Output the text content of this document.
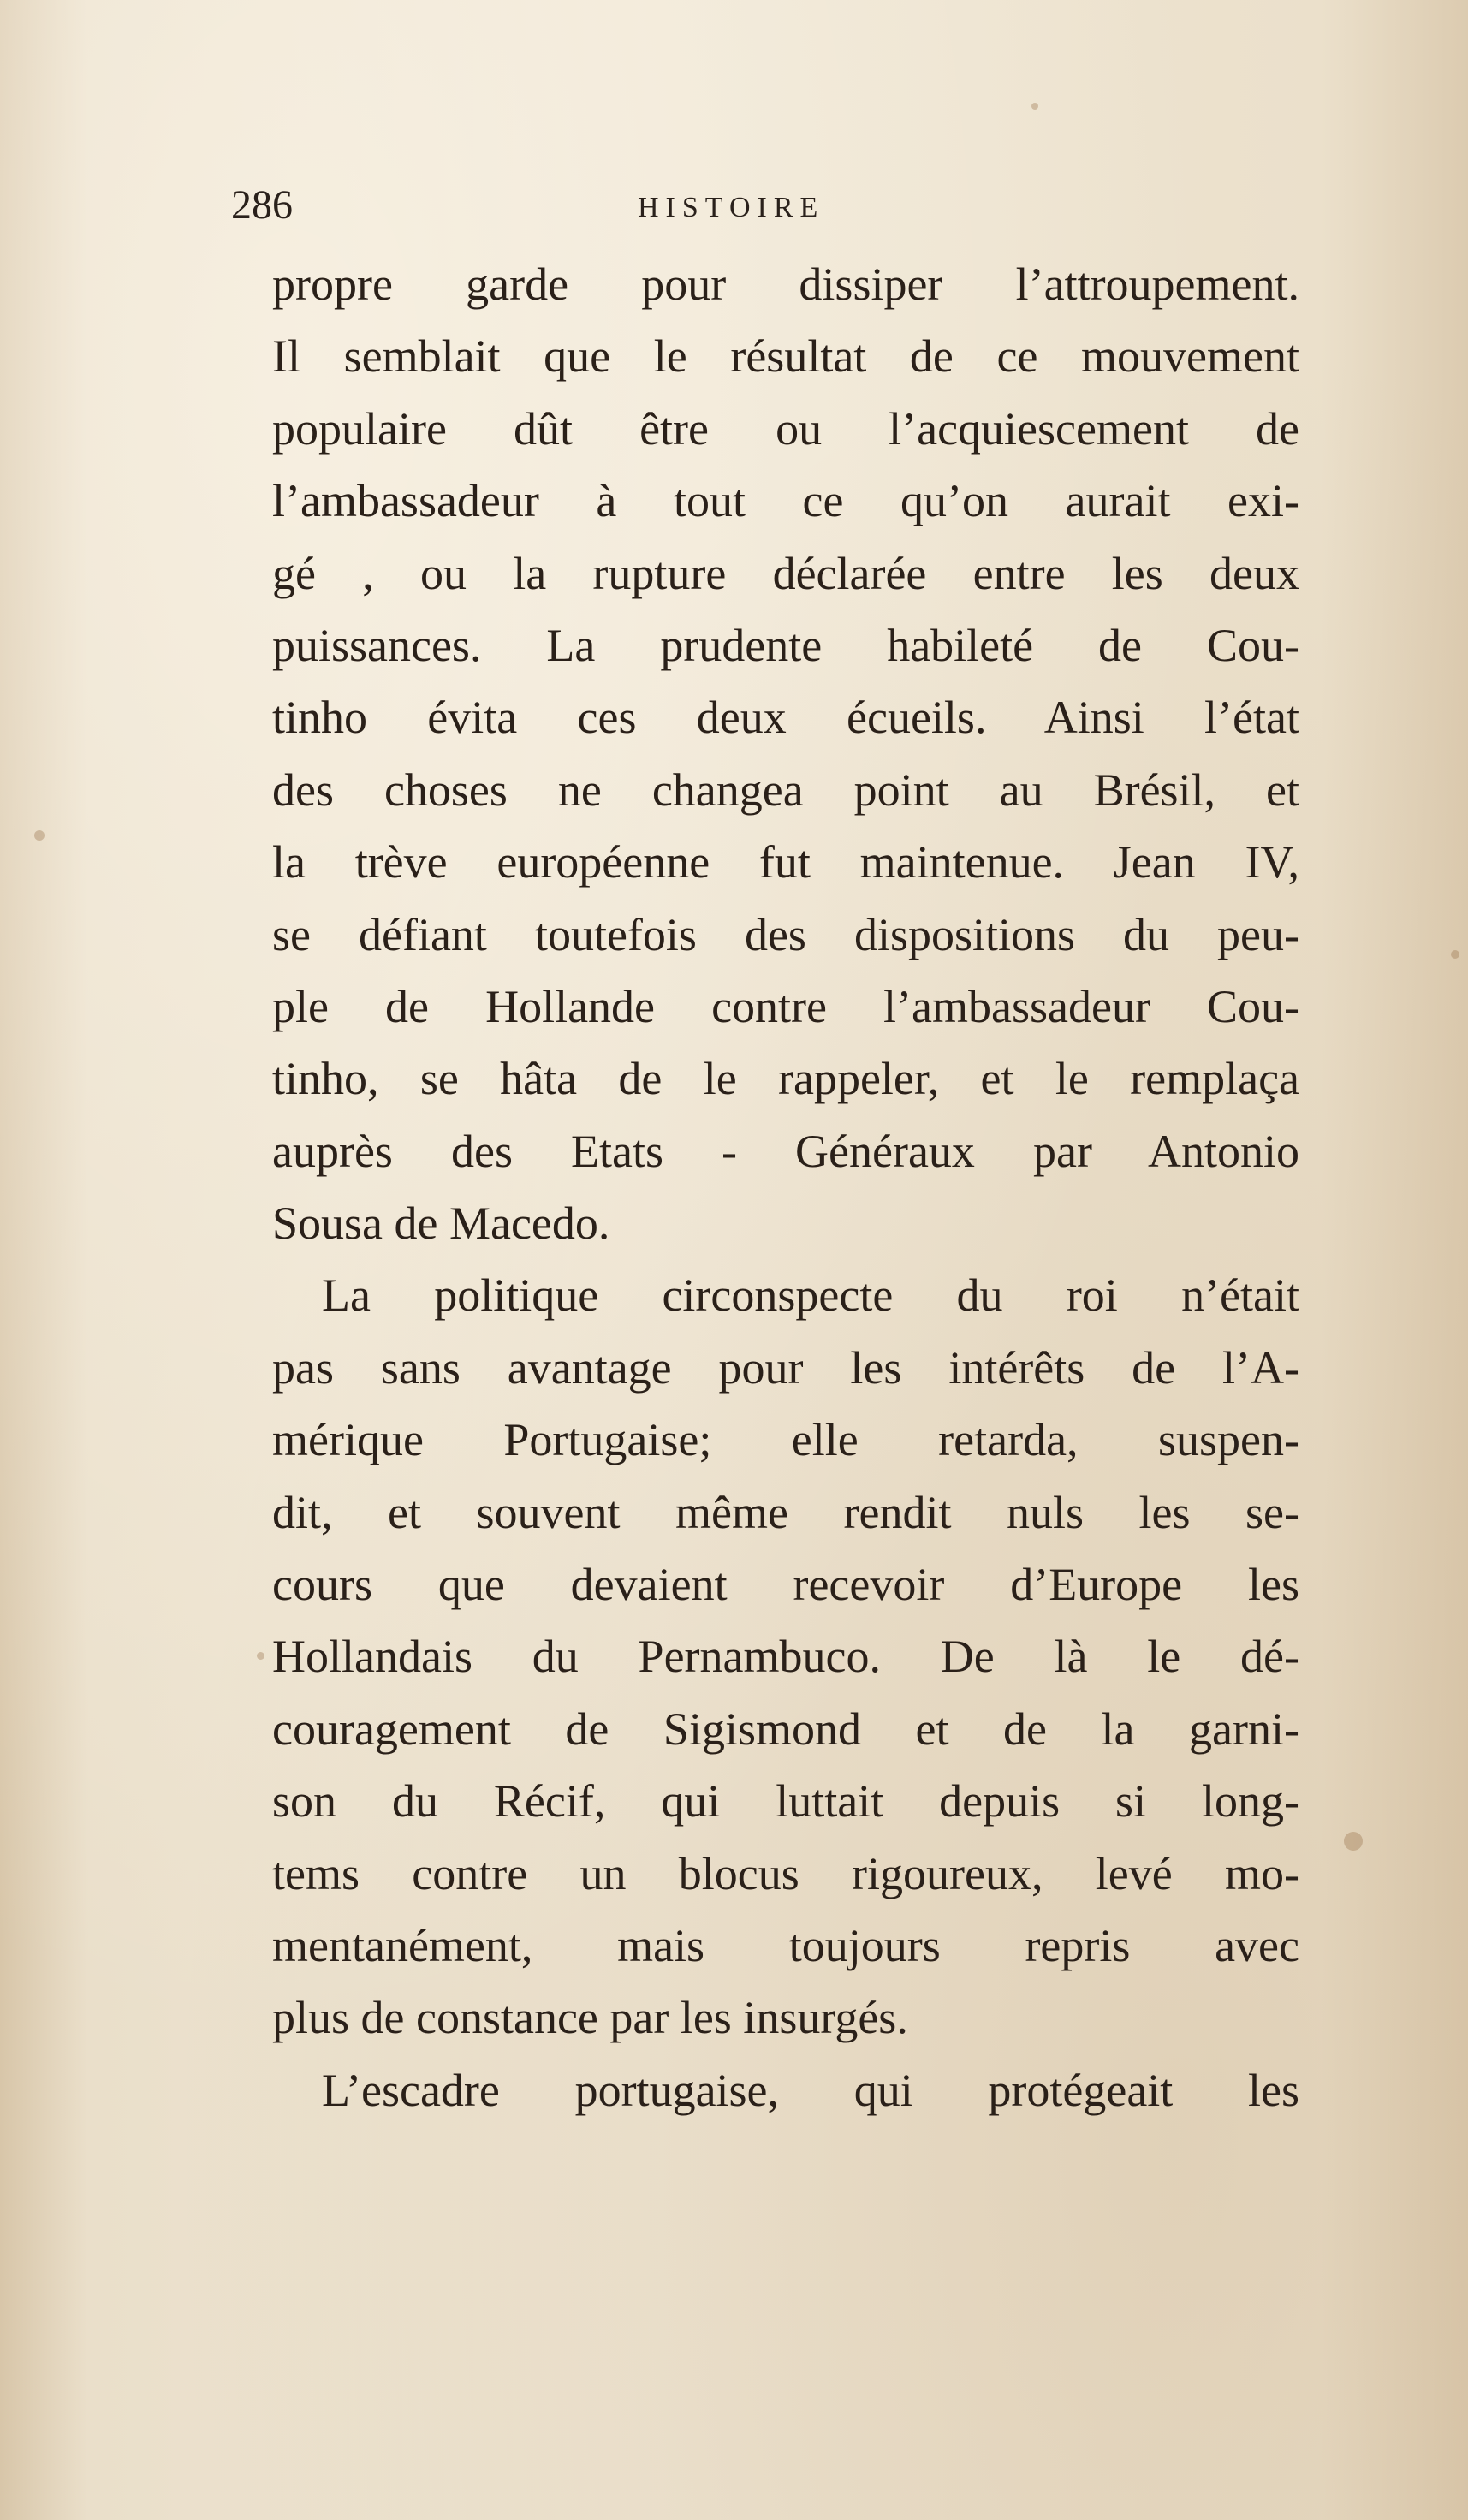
286	HISTOIRE
propre garde pour dissiper l’attroupement.
Il semblait que le résultat de ce mouvement
populaire dût être ou l’acquiescement de
l’ambassadeur à tout ce qu’on aurait exi-
gé , ou la rupture déclarée entre les deux
puissances. La prudente habileté de Cou-
tinho évita ces deux écueils. Ainsi l’état
des choses ne changea point au Brésil, et
la trève européenne fut maintenue. Jean IV,
se défiant toutefois des dispositions du peu-
ple de Hollande contre l’ambassadeur Cou-
tinho, se hâta de le rappeler, et le remplaça
auprès des Etats - Généraux par Antonio
Sousa de Macedo.
La politique circonspecte du roi n’était
pas sans avantage pour les intérêts de l’A-
mérique Portugaise; elle retarda, suspen-
dit, et souvent même rendit nuls les se-
cours que devaient recevoir d’Europe les
Hollandais du Pernambuco. De là le dé-
couragement de Sigismond et de la garni-
son du Récif, qui luttait depuis si long-
tems contre un blocus rigoureux, levé mo-
mentanément, mais toujours repris avec
plus de constance par les insurgés.
L’escadre portugaise, qui protégeait les
